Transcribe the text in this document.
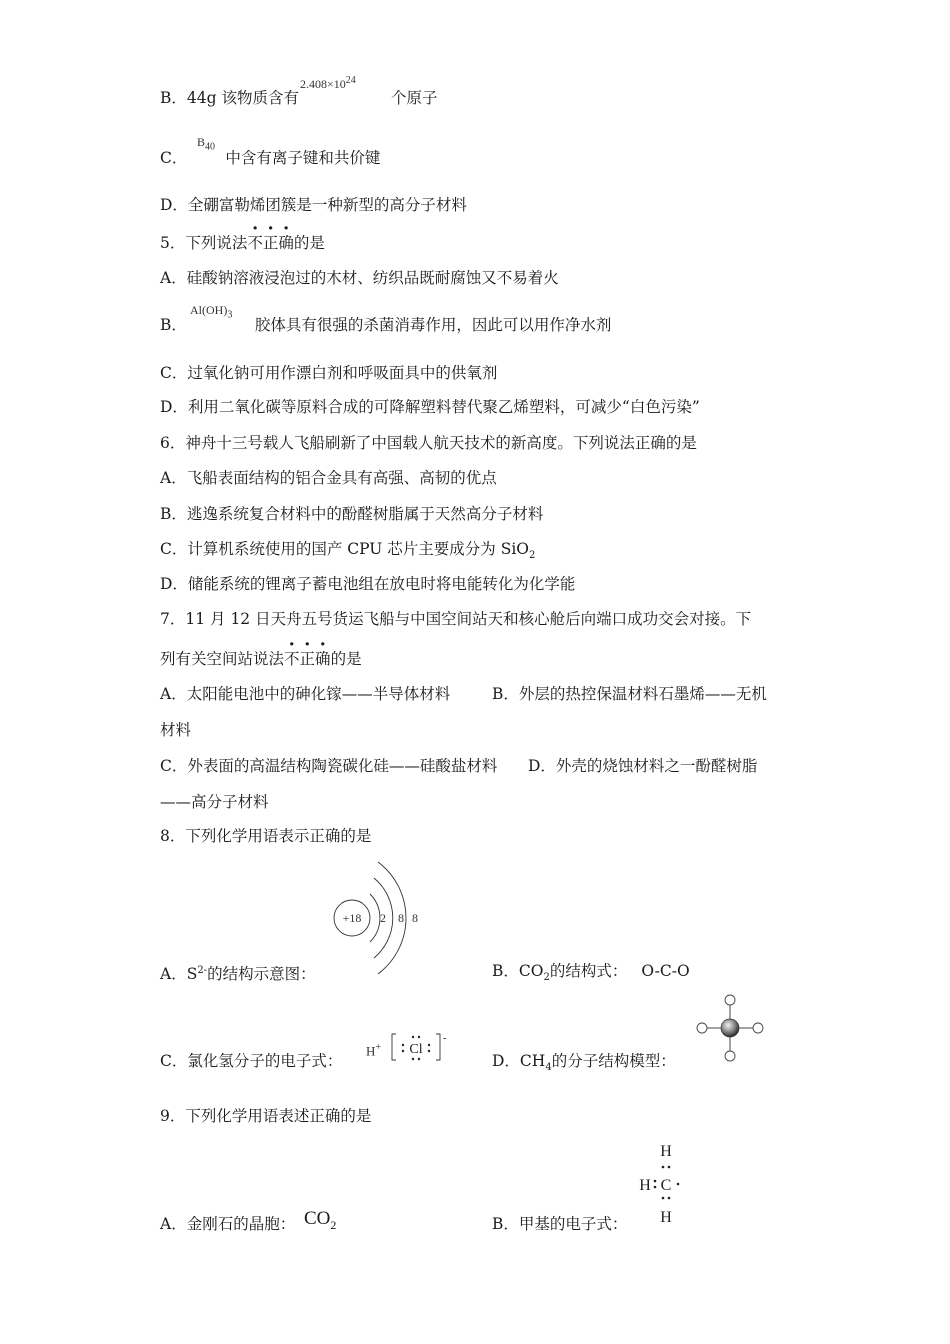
B．44g 该物质含有	个原子
$2.408\times 10^{24}$
C． 中含有离子键和共价键
$B_{40}$
D．全硼富勒烯团簇是一种新型的高分子材料
5．下列说法不正确的是
A．硅酸钠溶液浸泡过的木材、纺织品既耐腐蚀又不易着火
B．	胶体具有很强的杀菌消毒作用，因此可以用作净水剂
$Al(OH)_3$
C．过氧化钠可用作漂白剂和呼吸面具中的供氧剂
D．利用二氧化碳等原料合成的可降解塑料替代聚乙烯塑料，可减少“白色污染”
6．神舟十三号载人飞船刷新了中国载人航天技术的新高度。下列说法正确的是
A．飞船表面结构的铝合金具有高强、高韧的优点
B．逃逸系统复合材料中的酚醛树脂属于天然高分子材料
C．计算机系统使用的国产 CPU 芯片主要成分为 SiO$_2$
D．储能系统的锂离子蓄电池组在放电时将电能转化为化学能
7．11 月 12 日天舟五号货运飞船与中国空间站天和核心舱后向端口成功交会对接。下
列有关空间站说法不正确的是
A．太阳能电池中的砷化镓——半导体材料	B．外层的热控保温材料石墨烯——无机
材料
C．外表面的高温结构陶瓷碳化硅——硅酸盐材料 D．外壳的烧蚀材料之一酚醛树脂
——高分子材料
8．下列化学用语表示正确的是
+18 2 8 8
A．$S^{2-}$的结构示意图：	B．$CO_2$的结构式： O-C-O
C．氯化氢分子的电子式：
H+ Cl
-
D．$CH_4$的分子结构模型：
9．下列化学用语表述正确的是
A．金刚石的晶胞： $CO_2$	B．甲基的电子式：
H
H C
H
